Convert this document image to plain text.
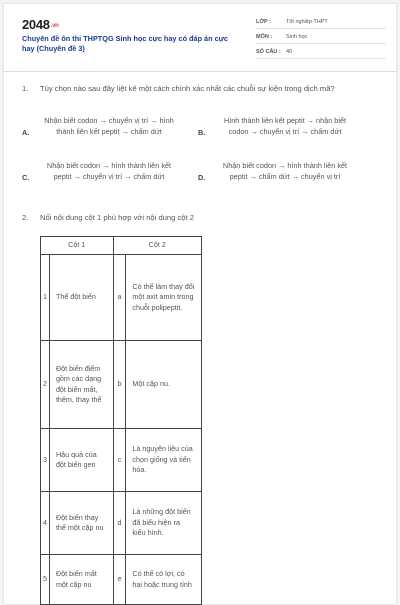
2048.vn
Chuyên đề ôn thi THPTQG Sinh học cực hay có đáp án cực hay (Chuyên đề 3)
LỚP :	Tốt nghiệp THPT
MÔN :	Sinh học
SỐ CÂU : 40
1. Tùy chọn nào sau đây liệt kê một cách chính xác nhất các chuỗi sự kiện trong dịch mã?
A.
Nhận biết codon → chuyển vị trí → hình thành liên kết peptit → chấm dứt	B.
Hình thành liên kết peptit → nhận biết codon → chuyển vị trí → chấm dứt
C.
Nhận biết codon → hình thành liên kết peptit → chuyển vị trí → chấm dứt	D.
Nhận biết codon → hình thành liên kết peptit → chấm dứt → chuyển vị trí
2. Nối nội dung cột 1 phù hợp với nội dung cột 2
Cột 1		Cột 2	
1	Thể đột biến	a	Có thể làm thay đổi một axit amin trong chuỗi polipeptit.
2	Đột biến điểm gồm các dạng đột biến mất, thêm, thay thế	b	Một cặp nu.
3	Hậu quả của đột biến gen	c	Là nguyên liệu của chọn giống và tiến hóa.
4	Đột biến thay thế một cặp nu	d	Là những đột biến đã biểu hiện ra kiểu hình.
5	Đột biến mất một cặp nu	e	Có thể có lợi, có hại hoặc trung tính
